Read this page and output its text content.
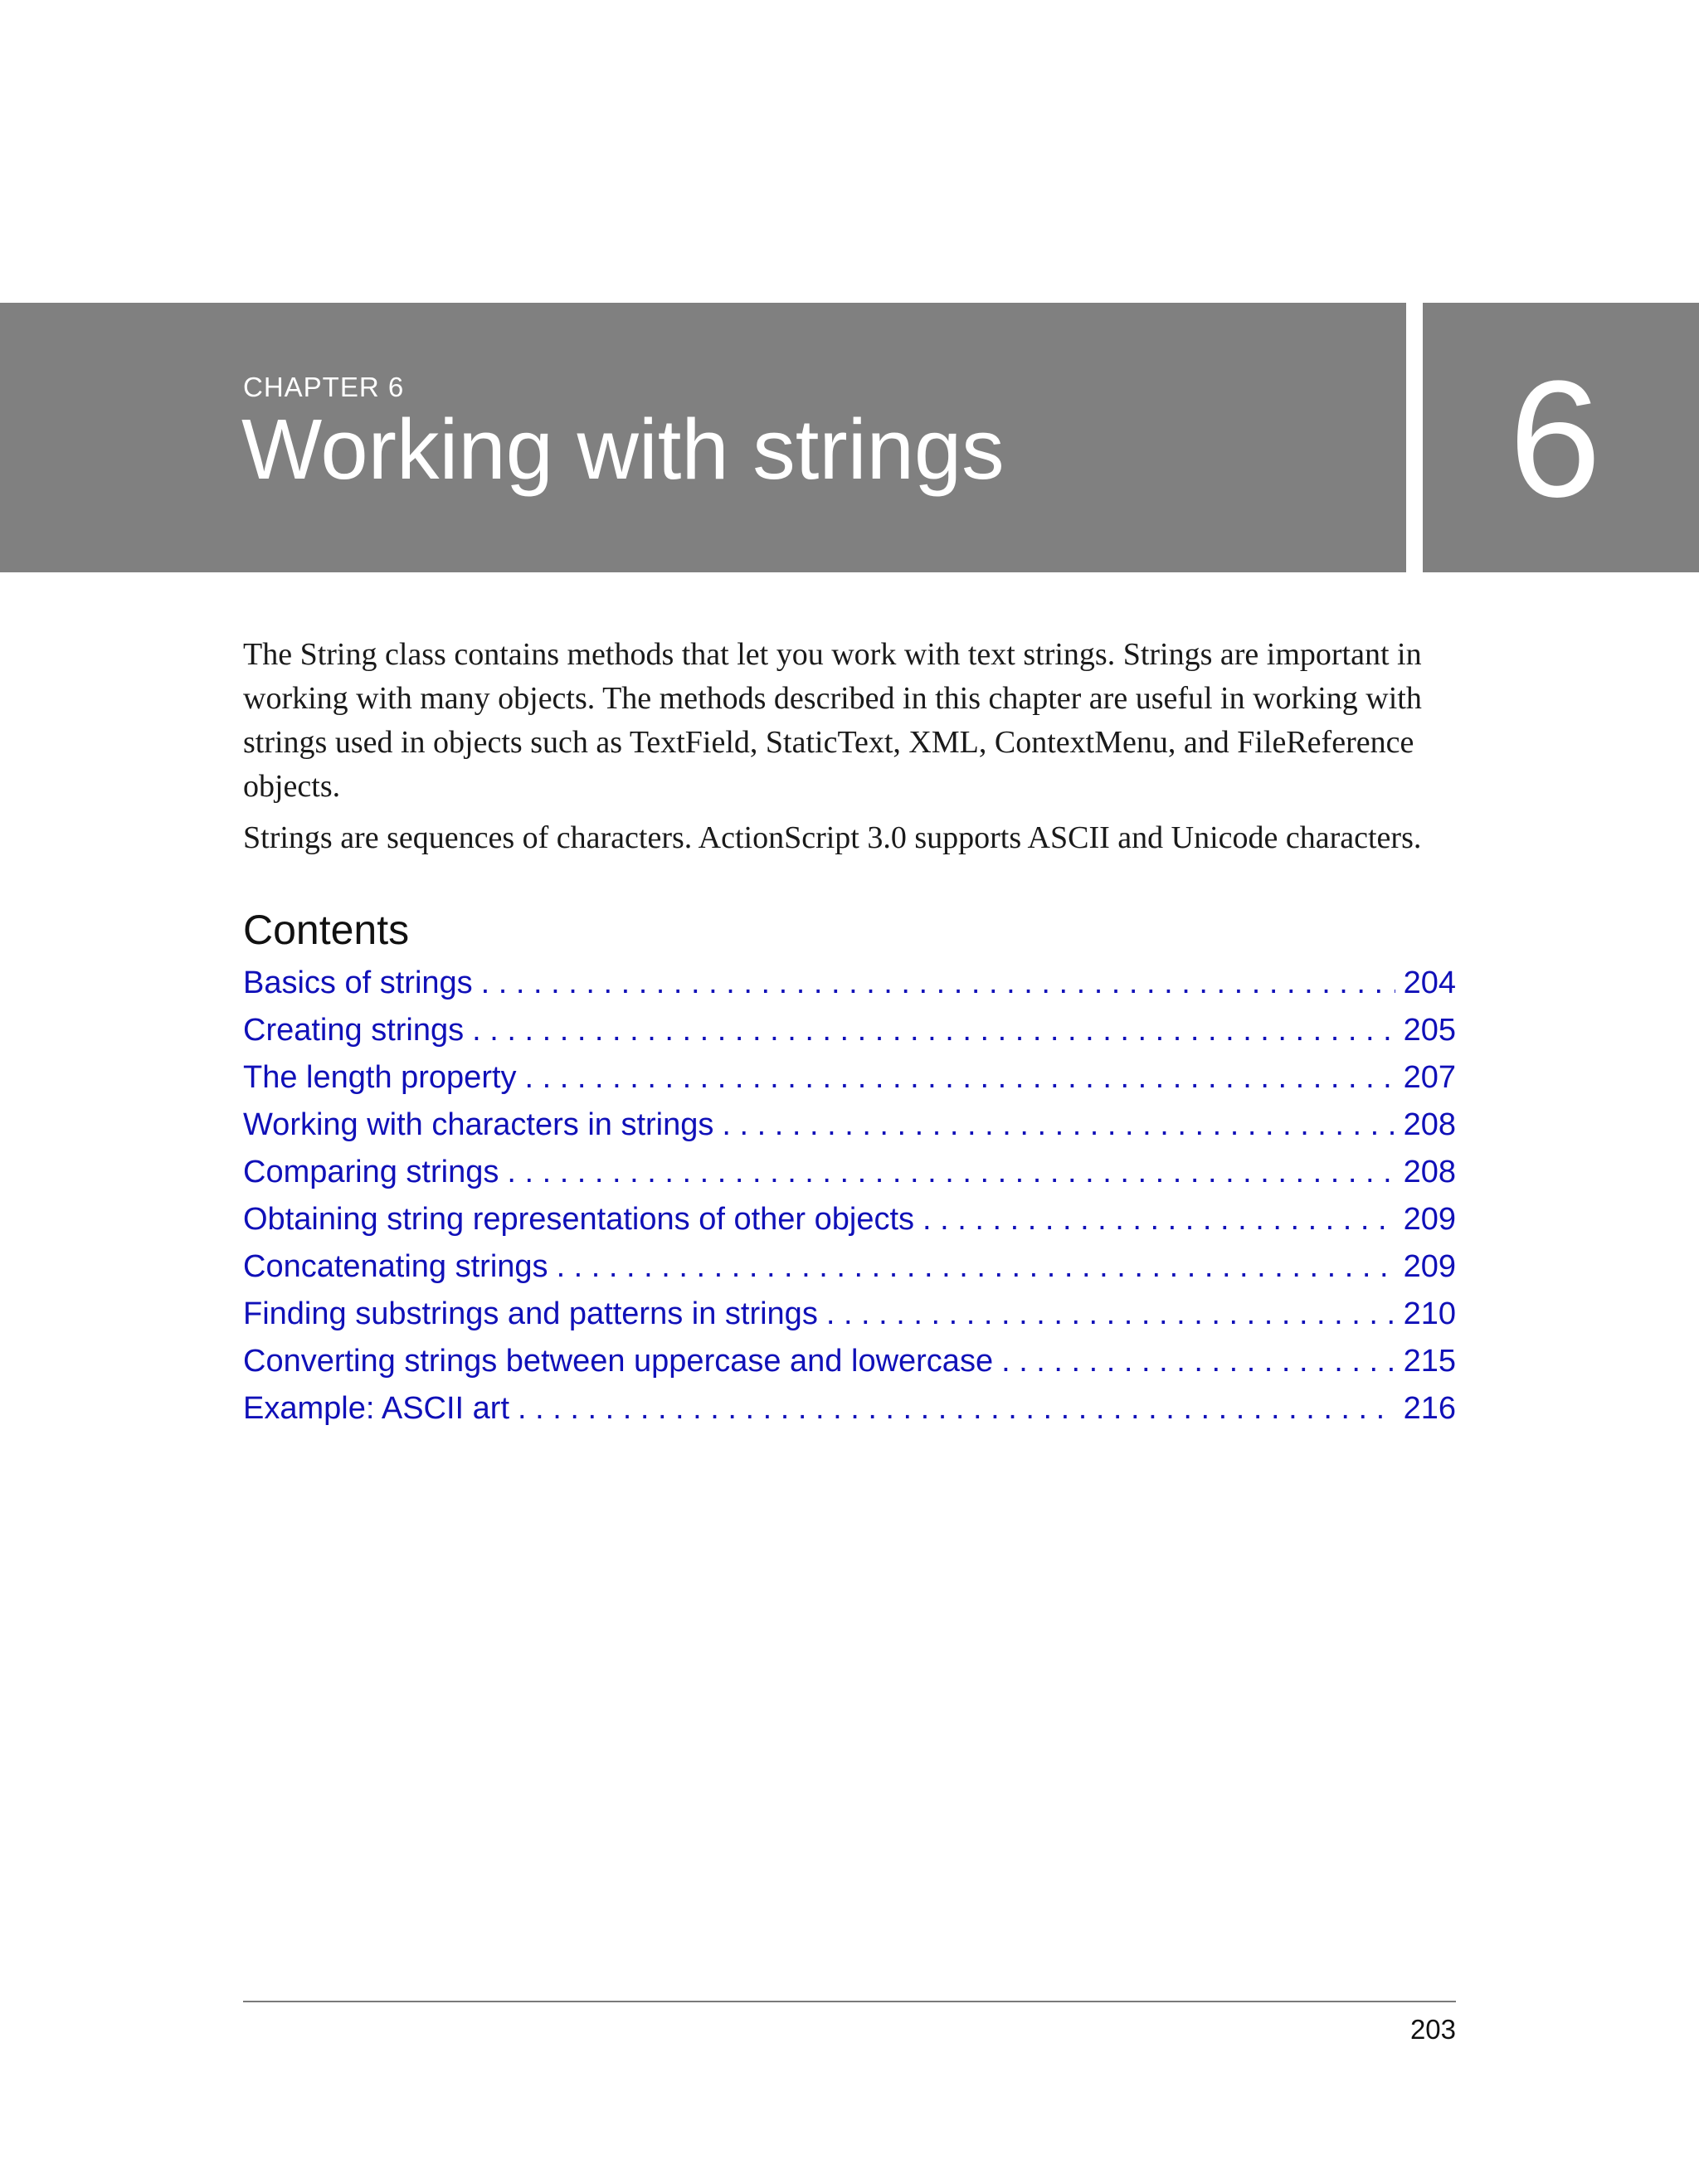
CHAPTER 6
Working with strings	6

The String class contains methods that let you work with text strings. Strings are important in working with many objects. The methods described in this chapter are useful in working with strings used in objects such as TextField, StaticText, XML, ContextMenu, and FileReference objects.

Strings are sequences of characters. ActionScript 3.0 supports ASCII and Unicode characters.

Contents
Basics of strings . . .	204
Creating strings . . .	205
The length property . . .	207
Working with characters in strings . . .	208
Comparing strings . . .	208
Obtaining string representations of other objects . . .	209
Concatenating strings . . .	209
Finding substrings and patterns in strings . . .	210
Converting strings between uppercase and lowercase . . .	215
Example: ASCII art . . .	216
203
